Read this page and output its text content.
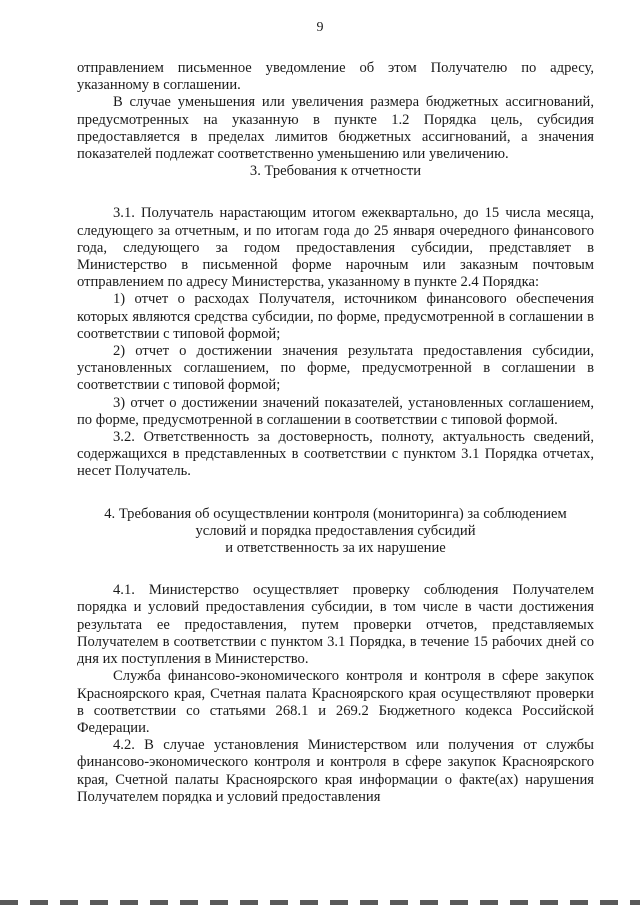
9

отправлением письменное уведомление об этом Получателю по адресу, указанному в соглашении.

В случае уменьшения или увеличения размера бюджетных ассигнований, предусмотренных на указанную в пункте 1.2 Порядка цель, субсидия предоставляется в пределах лимитов бюджетных ассигнований, а значения показателей подлежат соответственно уменьшению или увеличению.

3. Требования к отчетности

3.1. Получатель нарастающим итогом ежеквартально, до 15 числа месяца, следующего за отчетным, и по итогам года до 25 января очередного финансового года, следующего за годом предоставления субсидии, представляет в Министерство в письменной форме нарочным или заказным почтовым отправлением по адресу Министерства, указанному в пункте 2.4 Порядка:

1) отчет о расходах Получателя, источником финансового обеспечения которых являются средства субсидии, по форме, предусмотренной в соглашении в соответствии с типовой формой;

2) отчет о достижении значения результата предоставления субсидии, установленных соглашением, по форме, предусмотренной в соглашении в соответствии с типовой формой;

3) отчет о достижении значений показателей, установленных соглашением, по форме, предусмотренной в соглашении в соответствии с типовой формой.

3.2. Ответственность за достоверность, полноту, актуальность сведений, содержащихся в представленных в соответствии с пунктом 3.1 Порядка отчетах, несет Получатель.

4. Требования об осуществлении контроля (мониторинга) за соблюдением

условий и порядка предоставления субсидий

и ответственность за их нарушение

4.1. Министерство осуществляет проверку соблюдения Получателем порядка и условий предоставления субсидии, в том числе в части достижения результата ее предоставления, путем проверки отчетов, представляемых Получателем в соответствии с пунктом 3.1 Порядка, в течение 15 рабочих дней со дня их поступления в Министерство.

Служба финансово-экономического контроля и контроля в сфере закупок Красноярского края, Счетная палата Красноярского края осуществляют проверки в соответствии со статьями 268.1 и 269.2 Бюджетного кодекса Российской Федерации.

4.2. В случае установления Министерством или получения от службы финансово-экономического контроля и контроля в сфере закупок Красноярского края, Счетной палаты Красноярского края информации о факте(ах) нарушения Получателем порядка и условий предоставления
